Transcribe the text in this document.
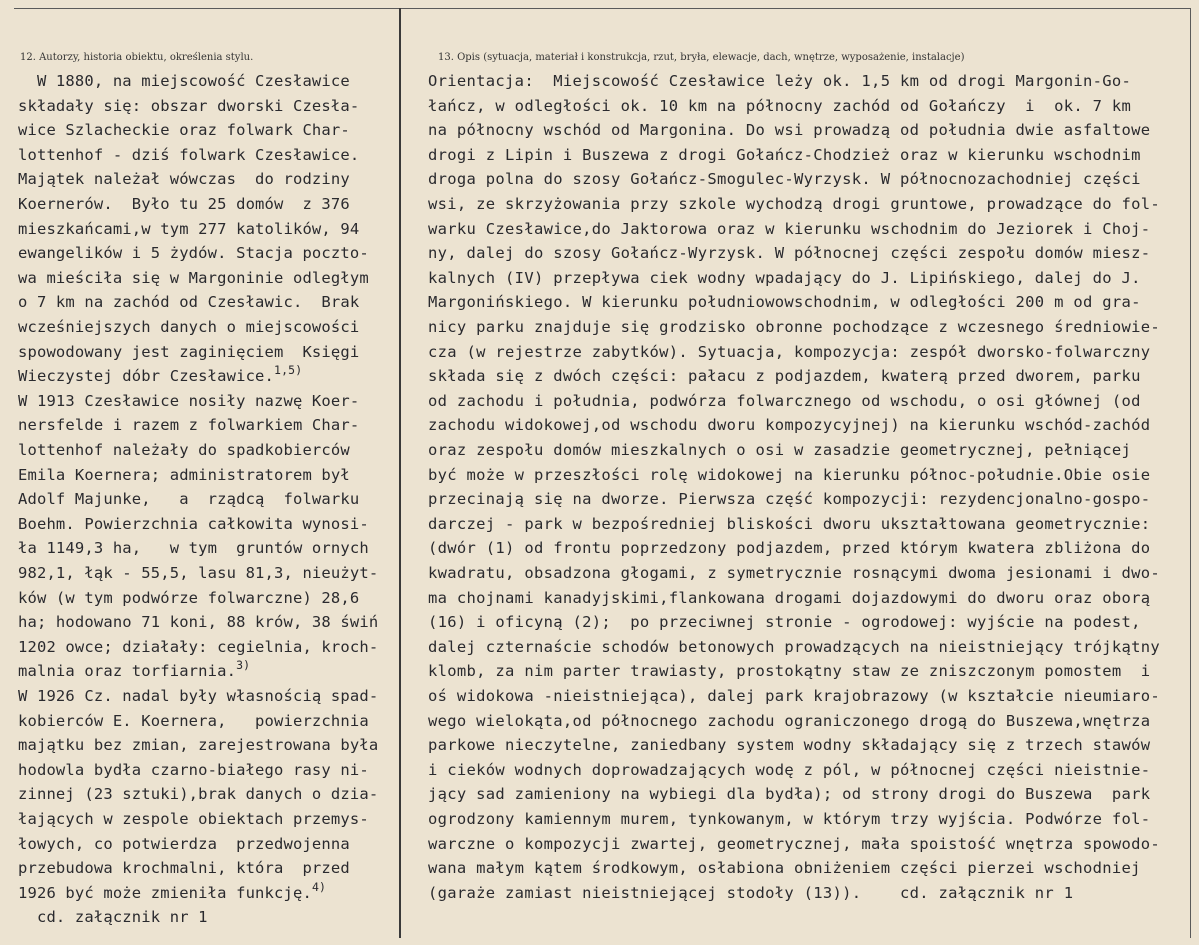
12. Autorzy, historia obiektu, określenia stylu.	13. Opis (sytuacja, materiał i konstrukcja, rzut, bryła, elewacje, dach, wnętrze, wyposażenie, instalacje)
W 1880, na miejscowość Czesławice
składały się: obszar dworski Czesła-
wice Szlacheckie oraz folwark Char-
lottenhof - dziś folwark Czesławice.
Majątek należał wówczas  do rodziny
Koernerów.  Było tu 25 domów  z 376
mieszkańcami,w tym 277 katolików, 94
ewangelików i 5 żydów. Stacja poczto-
wa mieściła się w Margoninie odległym
o 7 km na zachód od Czesławic.  Brak
wcześniejszych danych o miejscowości
spowodowany jest zaginięciem  Księgi
Wieczystej dóbr Czesławice.$^{1,5)}$
W 1913 Czesławice nosiły nazwę Koer-
nersfelde i razem z folwarkiem Char-
lottenhof należały do spadkobierców
Emila Koernera; administratorem był
Adolf Majunke,   a  rządcą  folwarku
Boehm. Powierzchnia całkowita wynosi-
ła 1149,3 ha,   w tym  gruntów ornych
982,1, łąk - 55,5, lasu 81,3, nieużyt-
ków (w tym podwórze folwarczne) 28,6
ha; hodowano 71 koni, 88 krów, 38 świń
1202 owce; działały: cegielnia, kroch-
malnia oraz torfiarnia.$^{3)}$
W 1926 Cz. nadal były własnością spad-
kobierców E. Koernera,   powierzchnia
majątku bez zmian, zarejestrowana była
hodowla bydła czarno-białego rasy ni-
zinnej (23 sztuki),brak danych o dzia-
łających w zespole obiektach przemys-
łowych, co potwierdza  przedwojenna
przebudowa krochmalni, która  przed
1926 być może zmieniła funkcję.$^{4)}$
cd. załącznik nr 1
Orientacja:  Miejscowość Czesławice leży ok. 1,5 km od drogi Margonin-Go-
łańcz, w odległości ok. 10 km na północny zachód od Gołańczy  i  ok. 7 km
na północny wschód od Margonina. Do wsi prowadzą od południa dwie asfaltowe
drogi z Lipin i Buszewa z drogi Gołańcz-Chodzież oraz w kierunku wschodnim
droga polna do szosy Gołańcz-Smogulec-Wyrzysk. W północnozachodniej części
wsi, ze skrzyżowania przy szkole wychodzą drogi gruntowe, prowadzące do fol-
warku Czesławice,do Jaktorowa oraz w kierunku wschodnim do Jeziorek i Choj-
ny, dalej do szosy Gołańcz-Wyrzysk. W północnej części zespołu domów miesz-
kalnych (IV) przepływa ciek wodny wpadający do J. Lipińskiego, dalej do J.
Margonińskiego. W kierunku południowowschodnim, w odległości 200 m od gra-
nicy parku znajduje się grodzisko obronne pochodzące z wczesnego średniowie-
cza (w rejestrze zabytków). Sytuacja, kompozycja: zespół dworsko-folwarczny
składa się z dwóch części: pałacu z podjazdem, kwaterą przed dworem, parku
od zachodu i południa, podwórza folwarcznego od wschodu, o osi głównej (od
zachodu widokowej,od wschodu dworu kompozycyjnej) na kierunku wschód-zachód
oraz zespołu domów mieszkalnych o osi w zasadzie geometrycznej, pełniącej
być może w przeszłości rolę widokowej na kierunku północ-południe.Obie osie
przecinają się na dworze. Pierwsza część kompozycji: rezydencjonalno-gospo-
darczej - park w bezpośredniej bliskości dworu ukształtowana geometrycznie:
(dwór (1) od frontu poprzedzony podjazdem, przed którym kwatera zbliżona do
kwadratu, obsadzona głogami, z symetrycznie rosnącymi dwoma jesionami i dwo-
ma chojnami kanadyjskimi,flankowana drogami dojazdowymi do dworu oraz oborą
(16) i oficyną (2);  po przeciwnej stronie - ogrodowej: wyjście na podest,
dalej czternaście schodów betonowych prowadzących na nieistniejący trójkątny
klomb, za nim parter trawiasty, prostokątny staw ze zniszczonym pomostem  i
oś widokowa -nieistniejąca), dalej park krajobrazowy (w kształcie nieumiaro-
wego wielokąta,od północnego zachodu ograniczonego drogą do Buszewa,wnętrza
parkowe nieczytelne, zaniedbany system wodny składający się z trzech stawów
i cieków wodnych doprowadzających wodę z pól, w północnej części nieistnie-
jący sad zamieniony na wybiegi dla bydła); od strony drogi do Buszewa  park
ogrodzony kamiennym murem, tynkowanym, w którym trzy wyjścia. Podwórze fol-
warczne o kompozycji zwartej, geometrycznej, mała spoistość wnętrza spowodo-
wana małym kątem środkowym, osłabiona obniżeniem części pierzei wschodniej
(garaże zamiast nieistniejącej stodoły (13)).    cd. załącznik nr 1
